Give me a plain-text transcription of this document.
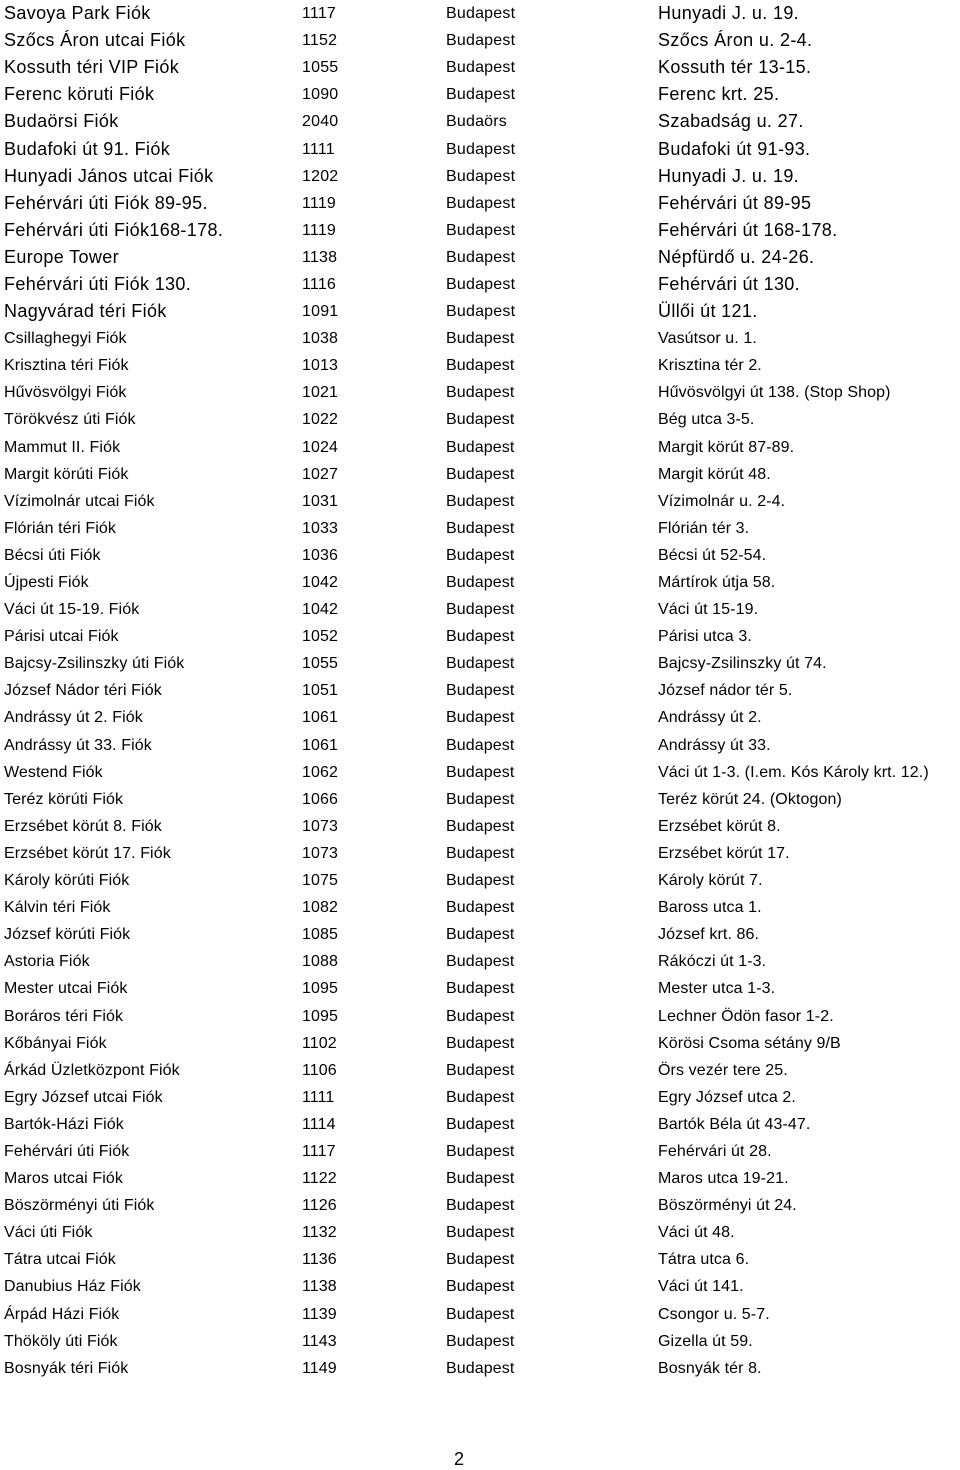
Savoya Park Fiók	1117	Budapest	Hunyadi J. u. 19.
Szőcs Áron utcai Fiók	1152	Budapest	Szőcs Áron u. 2-4.
Kossuth téri VIP Fiók	1055	Budapest	Kossuth tér 13-15.
Ferenc köruti Fiók	1090	Budapest	Ferenc krt. 25.
Budaörsi Fiók	2040	Budaörs	Szabadság u. 27.
Budafoki út 91. Fiók	1111	Budapest	Budafoki út 91-93.
Hunyadi János utcai Fiók	1202	Budapest	Hunyadi J. u. 19.
Fehérvári úti Fiók 89-95.	1119	Budapest	Fehérvári út 89-95
Fehérvári úti Fiók168-178.	1119	Budapest	Fehérvári út 168-178.
Europe Tower	1138	Budapest	Népfürdő u. 24-26.
Fehérvári úti Fiók 130.	1116	Budapest	Fehérvári út 130.
Nagyvárad téri Fiók	1091	Budapest	Üllői út 121.
Csillaghegyi Fiók	1038	Budapest	Vasútsor u. 1.
Krisztina téri Fiók	1013	Budapest	Krisztina tér 2.
Hűvösvölgyi Fiók	1021	Budapest	Hűvösvölgyi út 138. (Stop Shop)
Törökvész úti Fiók	1022	Budapest	Bég utca 3-5.
Mammut II. Fiók	1024	Budapest	Margit körút 87-89.
Margit körúti Fiók	1027	Budapest	Margit körút 48.
Vízimolnár utcai Fiók	1031	Budapest	Vízimolnár u. 2-4.
Flórián téri Fiók	1033	Budapest	Flórián tér 3.
Bécsi úti Fiók	1036	Budapest	Bécsi út 52-54.
Újpesti Fiók	1042	Budapest	Mártírok útja 58.
Váci út 15-19. Fiók	1042	Budapest	Váci út 15-19.
Párisi utcai Fiók	1052	Budapest	Párisi utca 3.
Bajcsy-Zsilinszky úti Fiók	1055	Budapest	Bajcsy-Zsilinszky út 74.
József Nádor téri Fiók	1051	Budapest	József nádor tér 5.
Andrássy út 2. Fiók	1061	Budapest	Andrássy út 2.
Andrássy út 33. Fiók	1061	Budapest	Andrássy út 33.
Westend Fiók	1062	Budapest	Váci út 1-3. (I.em. Kós Károly krt. 12.)
Teréz körúti Fiók	1066	Budapest	Teréz körút 24. (Oktogon)
Erzsébet körút 8. Fiók	1073	Budapest	Erzsébet körút 8.
Erzsébet körút 17. Fiók	1073	Budapest	Erzsébet körút 17.
Károly körúti Fiók	1075	Budapest	Károly körút 7.
Kálvin téri Fiók	1082	Budapest	Baross utca 1.
József körúti Fiók	1085	Budapest	József krt. 86.
Astoria Fiók	1088	Budapest	Rákóczi út 1-3.
Mester utcai Fiók	1095	Budapest	Mester utca 1-3.
Boráros téri Fiók	1095	Budapest	Lechner Ödön fasor 1-2.
Kőbányai Fiók	1102	Budapest	Körösi Csoma sétány 9/B
Árkád Üzletközpont Fiók	1106	Budapest	Örs vezér tere 25.
Egry József utcai Fiók	1111	Budapest	Egry József utca 2.
Bartók-Házi Fiók	1114	Budapest	Bartók Béla út 43-47.
Fehérvári úti Fiók	1117	Budapest	Fehérvári út 28.
Maros utcai Fiók	1122	Budapest	Maros utca 19-21.
Böszörményi úti Fiók	1126	Budapest	Böszörményi út 24.
Váci úti Fiók	1132	Budapest	Váci út 48.
Tátra utcai Fiók	1136	Budapest	Tátra utca 6.
Danubius Ház Fiók	1138	Budapest	Váci út 141.
Árpád Házi Fiók	1139	Budapest	Csongor u. 5-7.
Thököly úti Fiók	1143	Budapest	Gizella út 59.
Bosnyák téri Fiók	1149	Budapest	Bosnyák tér 8.
2
